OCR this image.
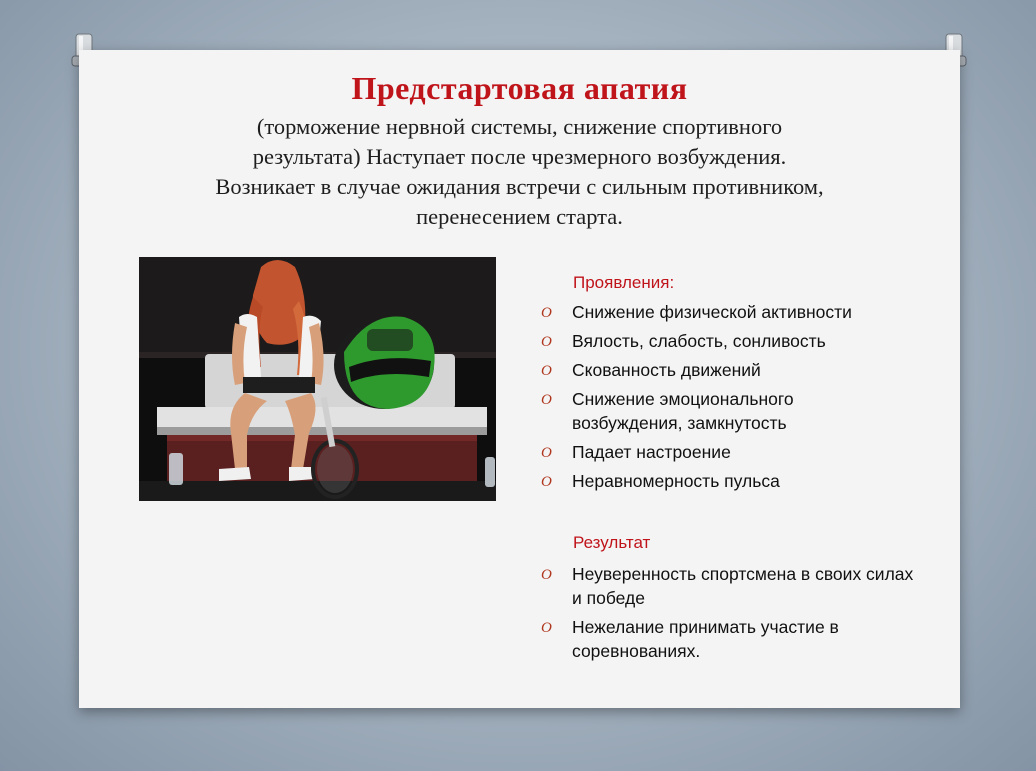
Предстартовая апатия
(торможение нервной системы, снижение спортивного
результата) Наступает после чрезмерного возбуждения.
Возникает в случае ожидания встречи с сильным противником,
перенесением старта.

Проявления:

O Снижение физической активности
O Вялость, слабость, сонливость
O Скованность движений
O Снижение эмоционального возбуждения, замкнутость
O Падает настроение
O Неравномерность пульса

Результат

O Неуверенность спортсмена в своих силах и победе
O Нежелание принимать участие в соревнованиях.
